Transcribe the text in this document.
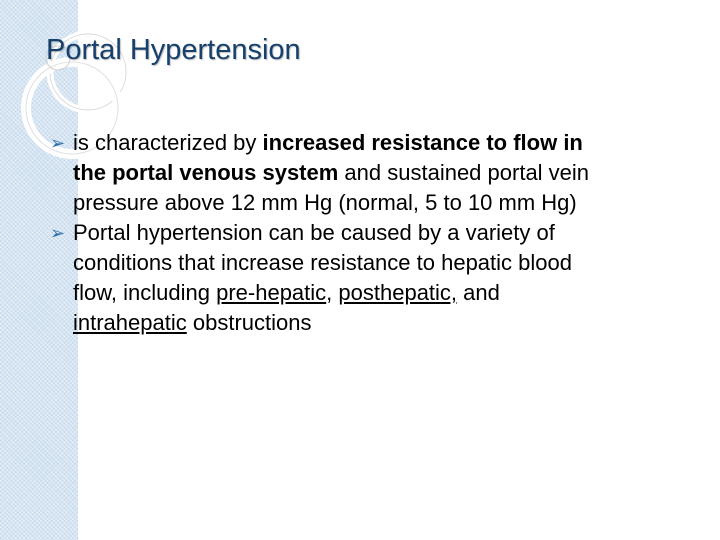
Portal Hypertension
➢ is characterized by increased resistance to flow in the portal venous system and sustained portal vein pressure above 12 mm Hg (normal, 5 to 10 mm Hg)
➢ Portal hypertension can be caused by a variety of conditions that increase resistance to hepatic blood flow, including pre-hepatic, posthepatic, and intrahepatic obstructions
